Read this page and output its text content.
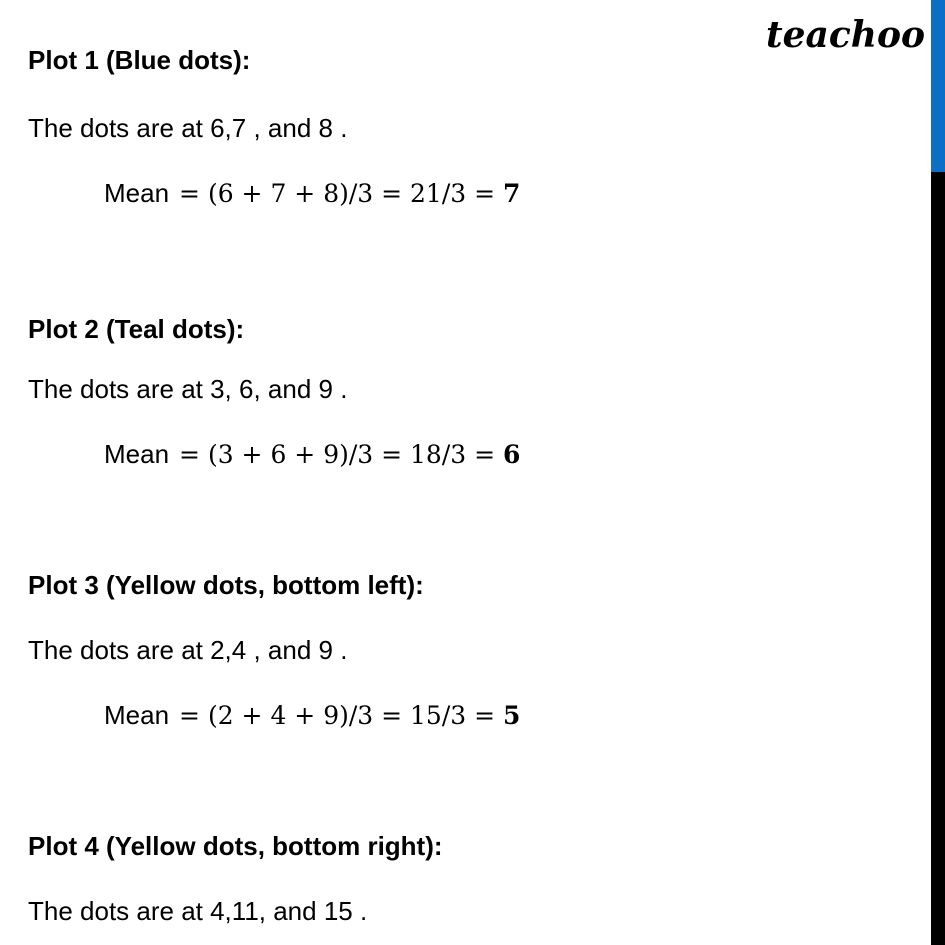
teachoo
Plot 1 (Blue dots):
The dots are at 6,7 , and 8 .
Mean = (6 + 7 + 8)/3 = 21/3 = 7
Plot 2 (Teal dots):
The dots are at 3, 6, and 9 .
Mean = (3 + 6 + 9)/3 = 18/3 = 6
Plot 3 (Yellow dots, bottom left):
The dots are at 2,4 , and 9 .
Mean = (2 + 4 + 9)/3 = 15/3 = 5
Plot 4 (Yellow dots, bottom right):
The dots are at 4,11, and 15 .
